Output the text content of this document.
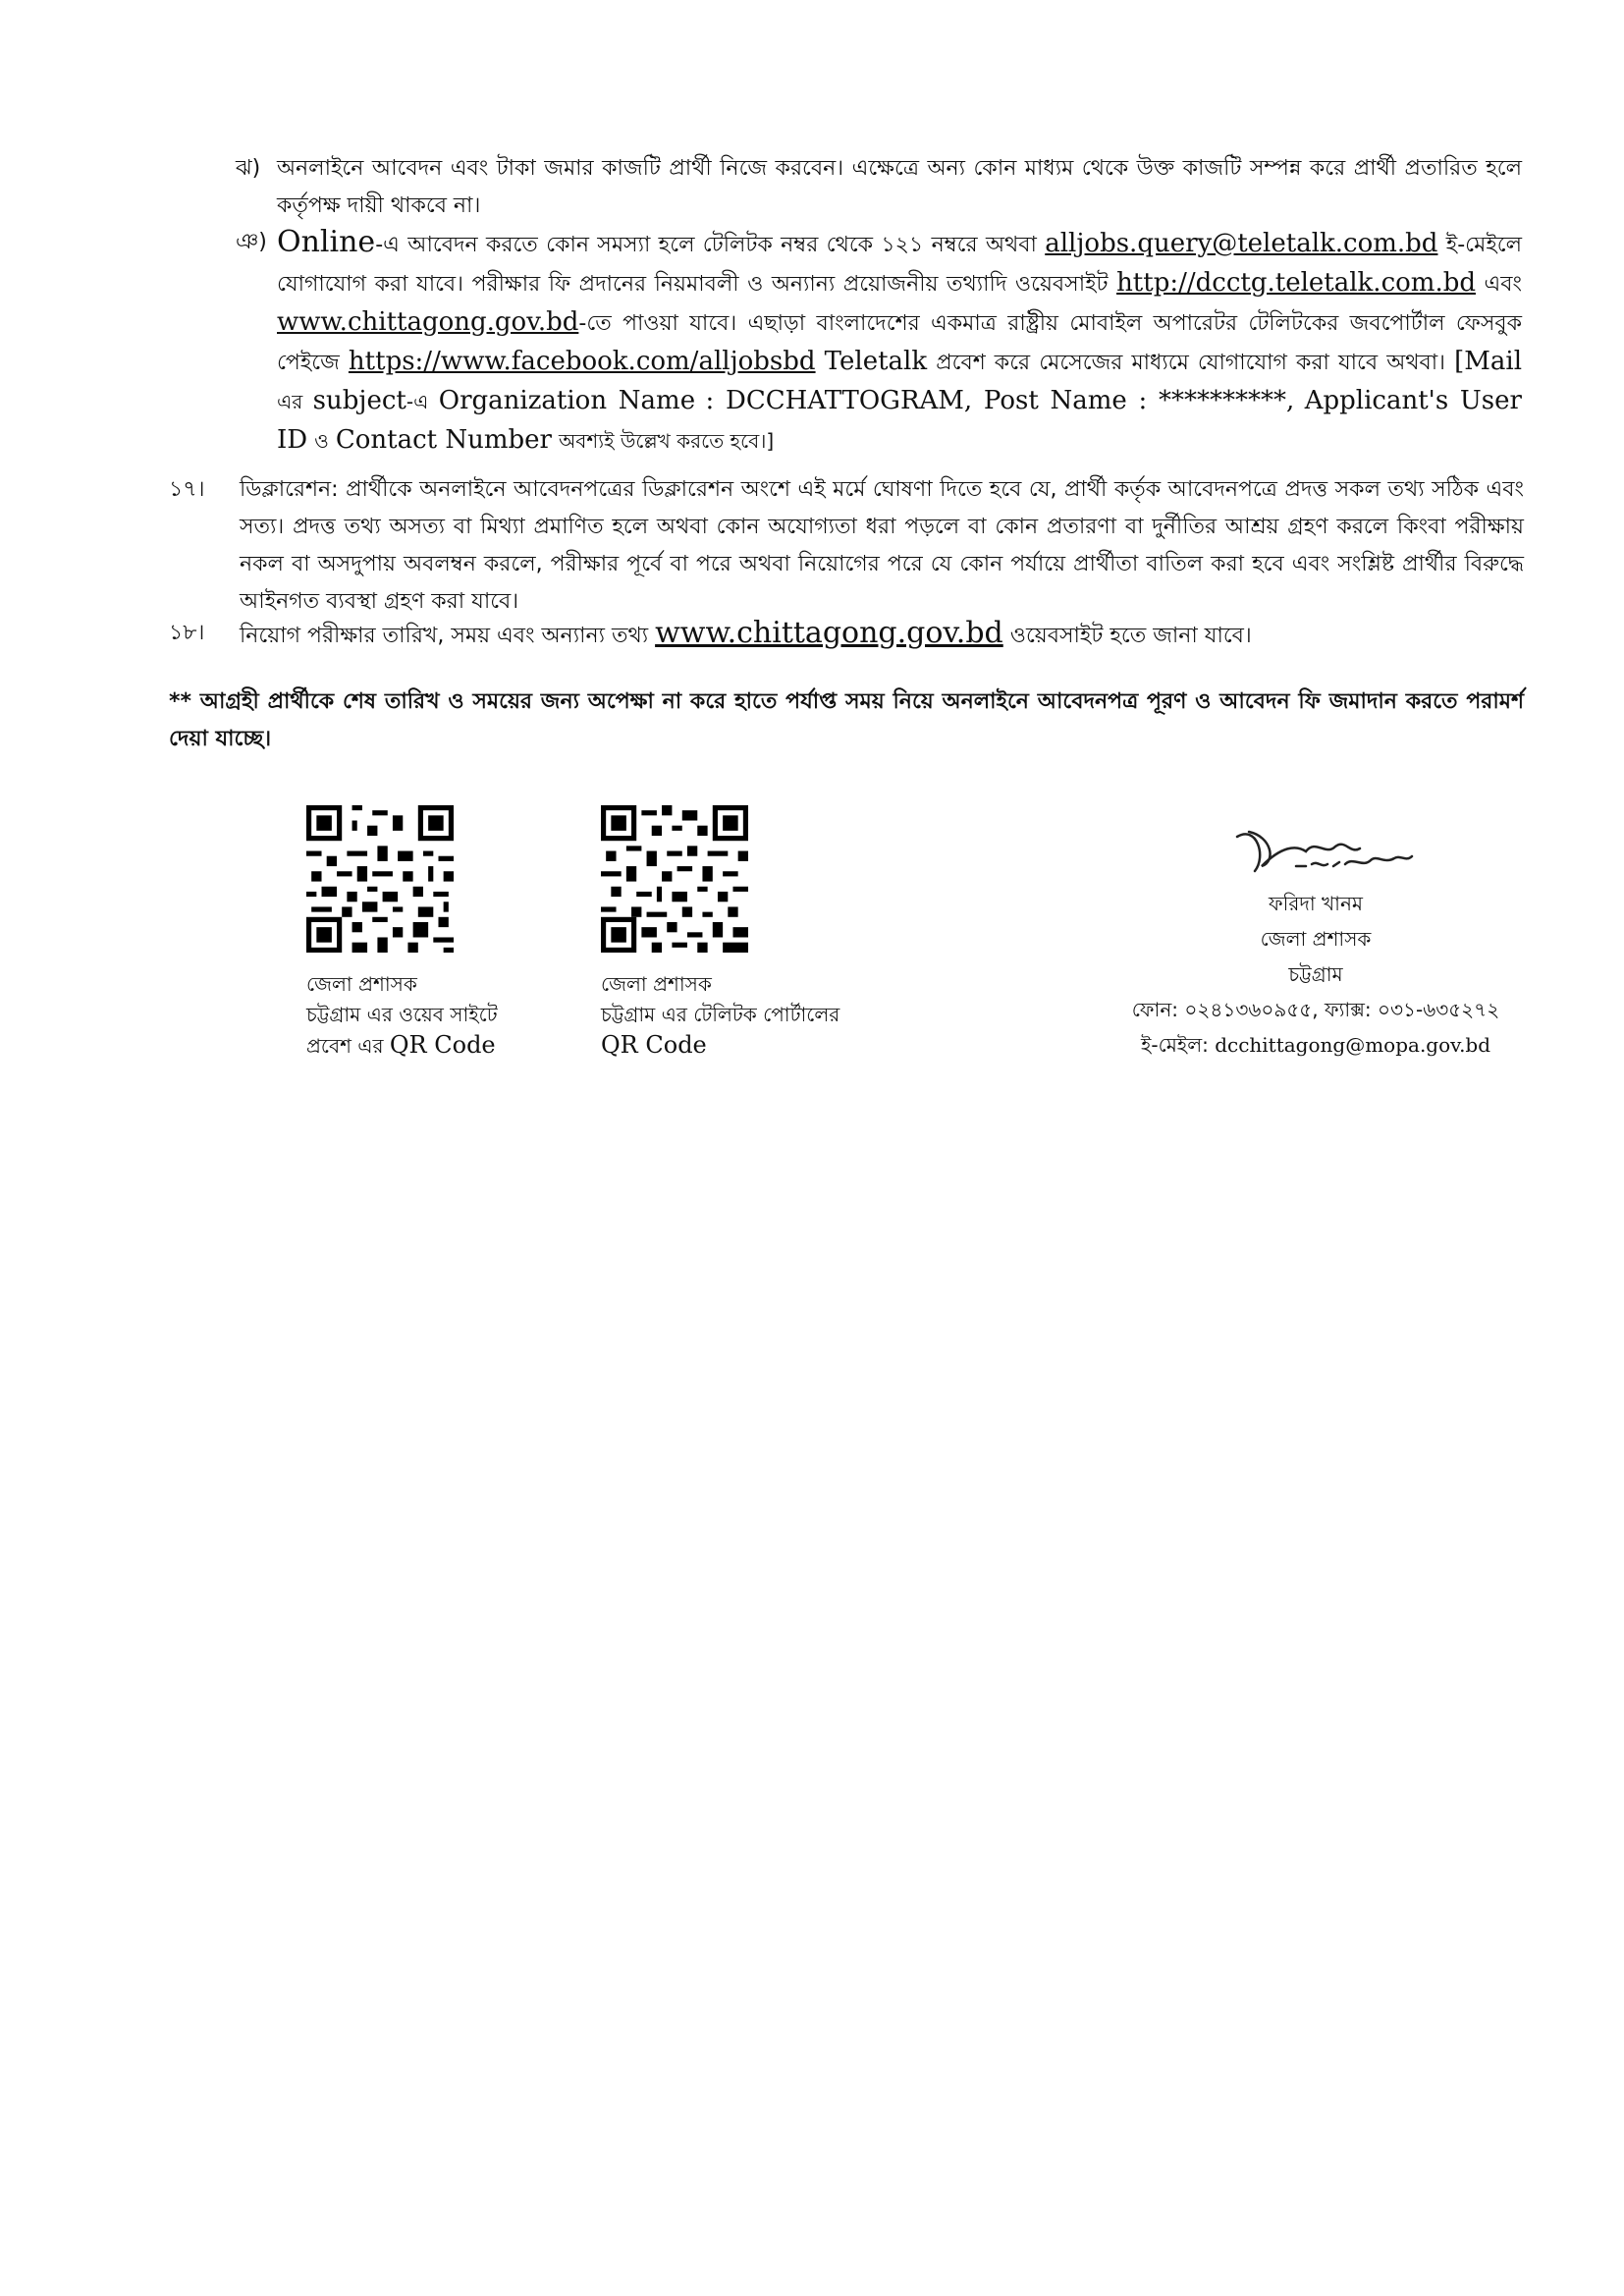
ঝ) অনলাইনে আবেদন এবং টাকা জমার কাজটি প্রার্থী নিজে করবেন। এক্ষেত্রে অন্য কোন মাধ্যম থেকে উক্ত কাজটি সম্পন্ন করে প্রার্থী প্রতারিত হলে কর্তৃপক্ষ দায়ী থাকবে না।
ঞ) Online-এ আবেদন করতে কোন সমস্যা হলে টেলিটক নম্বর থেকে ১২১ নম্বরে অথবা alljobs.query@teletalk.com.bd ই-মেইলে যোগাযোগ করা যাবে। পরীক্ষার ফি প্রদানের নিয়মাবলী ও অন্যান্য প্রয়োজনীয় তথ্যাদি ওয়েবসাইট http://dcctg.teletalk.com.bd এবং www.chittagong.gov.bd-তে পাওয়া যাবে। এছাড়া বাংলাদেশের একমাত্র রাষ্ট্রীয় মোবাইল অপারেটর টেলিটকের জবপোর্টাল ফেসবুক পেইজে https://www.facebook.com/alljobsbd Teletalk প্রবেশ করে মেসেজের মাধ্যমে যোগাযোগ করা যাবে অথবা। [Mail এর subject-এ Organization Name : DCCHATTOGRAM, Post Name : **********, Applicant's User ID ও Contact Number অবশ্যই উল্লেখ করতে হবে।]
১৭। ডিক্লারেশন: প্রার্থীকে অনলাইনে আবেদনপত্রের ডিক্লারেশন অংশে এই মর্মে ঘোষণা দিতে হবে যে, প্রার্থী কর্তৃক আবেদনপত্রে প্রদত্ত সকল তথ্য সঠিক এবং সত্য। প্রদত্ত তথ্য অসত্য বা মিথ্যা প্রমাণিত হলে অথবা কোন অযোগ্যতা ধরা পড়লে বা কোন প্রতারণা বা দুর্নীতির আশ্রয় গ্রহণ করলে কিংবা পরীক্ষায় নকল বা অসদুপায় অবলম্বন করলে, পরীক্ষার পূর্বে বা পরে অথবা নিয়োগের পরে যে কোন পর্যায়ে প্রার্থীতা বাতিল করা হবে এবং সংশ্লিষ্ট প্রার্থীর বিরুদ্ধে আইনগত ব্যবস্থা গ্রহণ করা যাবে।
১৮। নিয়োগ পরীক্ষার তারিখ, সময় এবং অন্যান্য তথ্য www.chittagong.gov.bd ওয়েবসাইট হতে জানা যাবে।
** আগ্রহী প্রার্থীকে শেষ তারিখ ও সময়ের জন্য অপেক্ষা না করে হাতে পর্যাপ্ত সময় নিয়ে অনলাইনে আবেদনপত্র পূরণ ও আবেদন ফি জমাদান করতে পরামর্শ দেয়া যাচ্ছে।
জেলা প্রশাসক
চট্টগ্রাম এর ওয়েব সাইটে
প্রবেশ এর QR Code
জেলা প্রশাসক
চট্টগ্রাম এর টেলিটক পোর্টালের
QR Code
ফরিদা খানম
জেলা প্রশাসক
চট্টগ্রাম
ফোন: ০২৪১৩৬০৯৫৫, ফ্যাক্স: ০৩১-৬৩৫২৭২
ই-মেইল: dcchittagong@mopa.gov.bd
